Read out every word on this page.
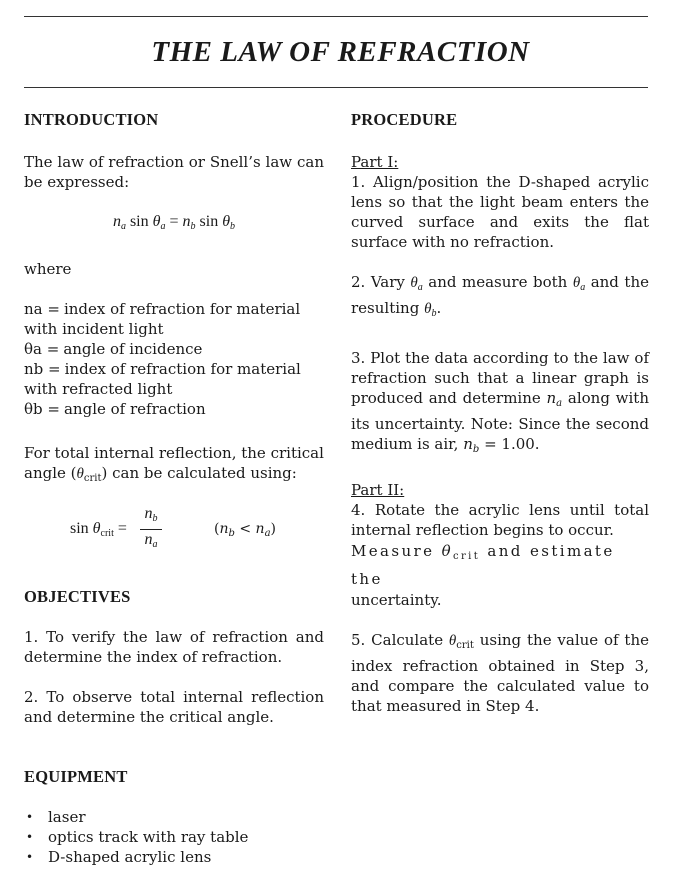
THE LAW OF REFRACTION
INTRODUCTION

The law of refraction or Snell’s law can be expressed:

$n_a$ $\sin \theta_a = n_b$ $\sin \theta_b$

where

na = index of refraction for material
with incident light
θa = angle of incidence
nb = index of refraction for material
with refracted light
θb = angle of refraction

For total internal reflection, the critical angle $(\theta_{crit})$ can be calculated using:

$\sin \theta_{crit}$ =
$n_b$
$n_a$
$(n_b < n_a)$
OBJECTIVES

1. To verify the law of refraction and determine the index of refraction.

2. To observe total internal reflection and determine the critical angle.

EQUIPMENT
• laser
• optics track with ray table
• D-shaped acrylic lens
PROCEDURE

Part I:

1. Align/position the D-shaped acrylic lens so that the light beam enters the curved surface and exits the flat surface with no refraction.

2. Vary $\theta_a$ and measure both $\theta_a$ and the resulting $\theta_b$.

3. Plot the data according to the law of refraction such that a linear graph is produced and determine $n_a$ along with its uncertainty. Note: Since the second medium is air, $n_b = 1.00$.

Part II:

4. Rotate the acrylic lens until total internal reflection begins to occur.

Measure $\theta_{crit}$ and estimate the

uncertainty.

5. Calculate $\theta_{crit}$ using the value of the index refraction obtained in Step 3, and compare the calculated value to that measured in Step 4.
